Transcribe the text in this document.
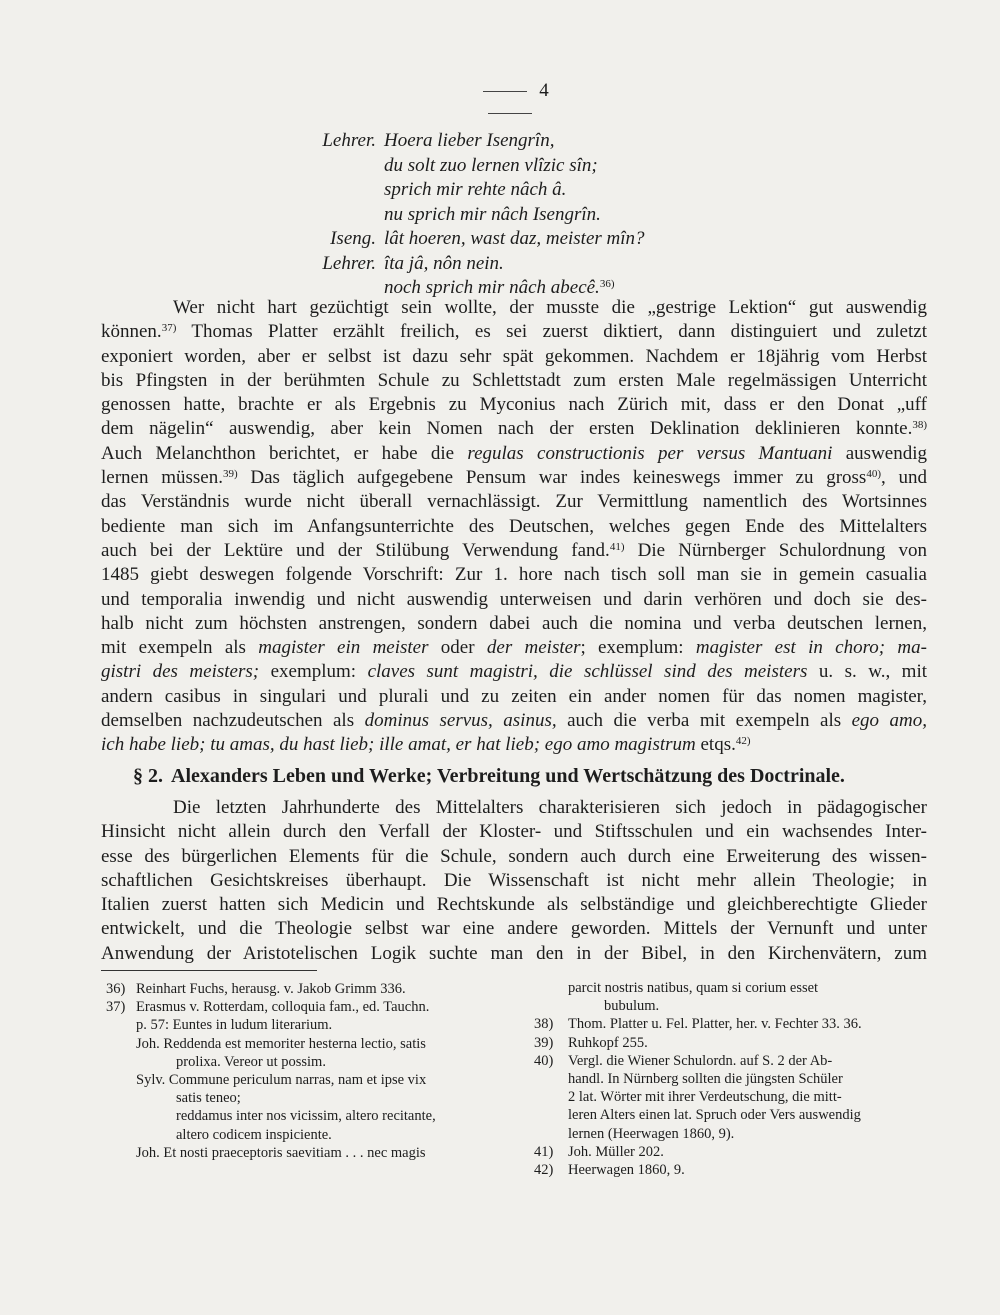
4
Lehrer. Hoera lieber Isengrîn,
du solt zuo lernen vlîzic sîn;
sprich mir rehte nâch â.
nu sprich mir nâch Isengrîn.
Iseng. lât hoeren, wast daz, meister mîn?
Lehrer. îta jâ, nôn nein.
noch sprich mir nâch abecê.$^{36)}$
Wer nicht hart gezüchtigt sein wollte, der musste die „gestrige Lektion“ gut auswendig
können.$^{37)}$ Thomas Platter erzählt freilich, es sei zuerst diktiert, dann distinguiert und zuletzt
exponiert worden, aber er selbst ist dazu sehr spät gekommen. Nachdem er 18jährig vom Herbst
bis Pfingsten in der berühmten Schule zu Schlettstadt zum ersten Male regelmässigen Unterricht
genossen hatte, brachte er als Ergebnis zu Myconius nach Zürich mit, dass er den Donat „uff
dem nägelin“ auswendig, aber kein Nomen nach der ersten Deklination deklinieren konnte.$^{38)}$
Auch Melanchthon berichtet, er habe die regulas constructionis per versus Mantuani auswendig
lernen müssen.$^{39)}$ Das täglich aufgegebene Pensum war indes keineswegs immer zu gross$^{40)}$, und
das Verständnis wurde nicht überall vernachlässigt. Zur Vermittlung namentlich des Wortsinnes
bediente man sich im Anfangsunterrichte des Deutschen, welches gegen Ende des Mittelalters
auch bei der Lektüre und der Stilübung Verwendung fand.$^{41)}$ Die Nürnberger Schulordnung von
1485 giebt deswegen folgende Vorschrift: Zur 1. hore nach tisch soll man sie in gemein casualia
und temporalia inwendig und nicht auswendig unterweisen und darin verhören und doch sie des-
halb nicht zum höchsten anstrengen, sondern dabei auch die nomina und verba deutschen lernen,
mit exempeln als magister ein meister oder der meister; exemplum: magister est in choro; ma-
gistri des meisters; exemplum: claves sunt magistri, die schlüssel sind des meisters u. s. w., mit
andern casibus in singulari und plurali und zu zeiten ein ander nomen für das nomen magister,
demselben nachzudeutschen als dominus servus, asinus, auch die verba mit exempeln als ego amo,
ich habe lieb; tu amas, du hast lieb; ille amat, er hat lieb; ego amo magistrum etqs.$^{42)}$
§ 2. Alexanders Leben und Werke; Verbreitung und Wertschätzung des Doctrinale.
Die letzten Jahrhunderte des Mittelalters charakterisieren sich jedoch in pädagogischer
Hinsicht nicht allein durch den Verfall der Kloster- und Stiftsschulen und ein wachsendes Inter-
esse des bürgerlichen Elements für die Schule, sondern auch durch eine Erweiterung des wissen-
schaftlichen Gesichtskreises überhaupt. Die Wissenschaft ist nicht mehr allein Theologie; in
Italien zuerst hatten sich Medicin und Rechtskunde als selbständige und gleichberechtigte Glieder
entwickelt, und die Theologie selbst war eine andere geworden. Mittels der Vernunft und unter
Anwendung der Aristotelischen Logik suchte man den in der Bibel, in den Kirchenvätern, zum
36) Reinhart Fuchs, herausg. v. Jakob Grimm 336.
37) Erasmus v. Rotterdam, colloquia fam., ed. Tauchn.
p. 57: Euntes in ludum literarium.
Joh. Reddenda est memoriter hesterna lectio, satis
prolixa. Vereor ut possim.
Sylv. Commune periculum narras, nam et ipse vix
satis teneo;
reddamus inter nos vicissim, altero recitante,
altero codicem inspiciente.
Joh. Et nosti praeceptoris saevitiam . . . nec magis
parcit nostris natibus, quam si corium esset
bubulum.
38) Thom. Platter u. Fel. Platter, her. v. Fechter 33. 36.
39) Ruhkopf 255.
40) Vergl. die Wiener Schulordn. auf S. 2 der Ab-
handl. In Nürnberg sollten die jüngsten Schüler
2 lat. Wörter mit ihrer Verdeutschung, die mitt-
leren Alters einen lat. Spruch oder Vers auswendig
lernen (Heerwagen 1860, 9).
41) Joh. Müller 202.
42) Heerwagen 1860, 9.
